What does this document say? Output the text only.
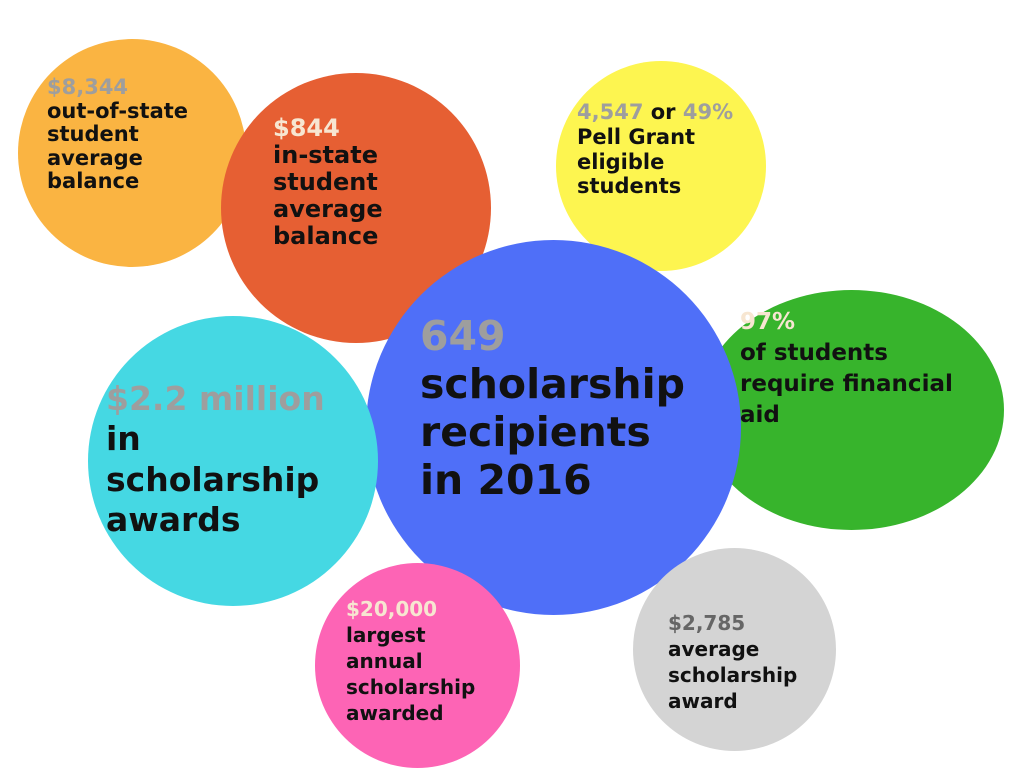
$8,344
out-of-state
student
average
balance
$844
in-state
student
average
balance
4,547 or 49%
Pell Grant
eligible
students
97%
of students
require financial
aid
649
scholarship
recipients
in 2016
$2.2 million
in
scholarship
awards
$20,000
largest
annual
scholarship
awarded
$2,785
average
scholarship
award
